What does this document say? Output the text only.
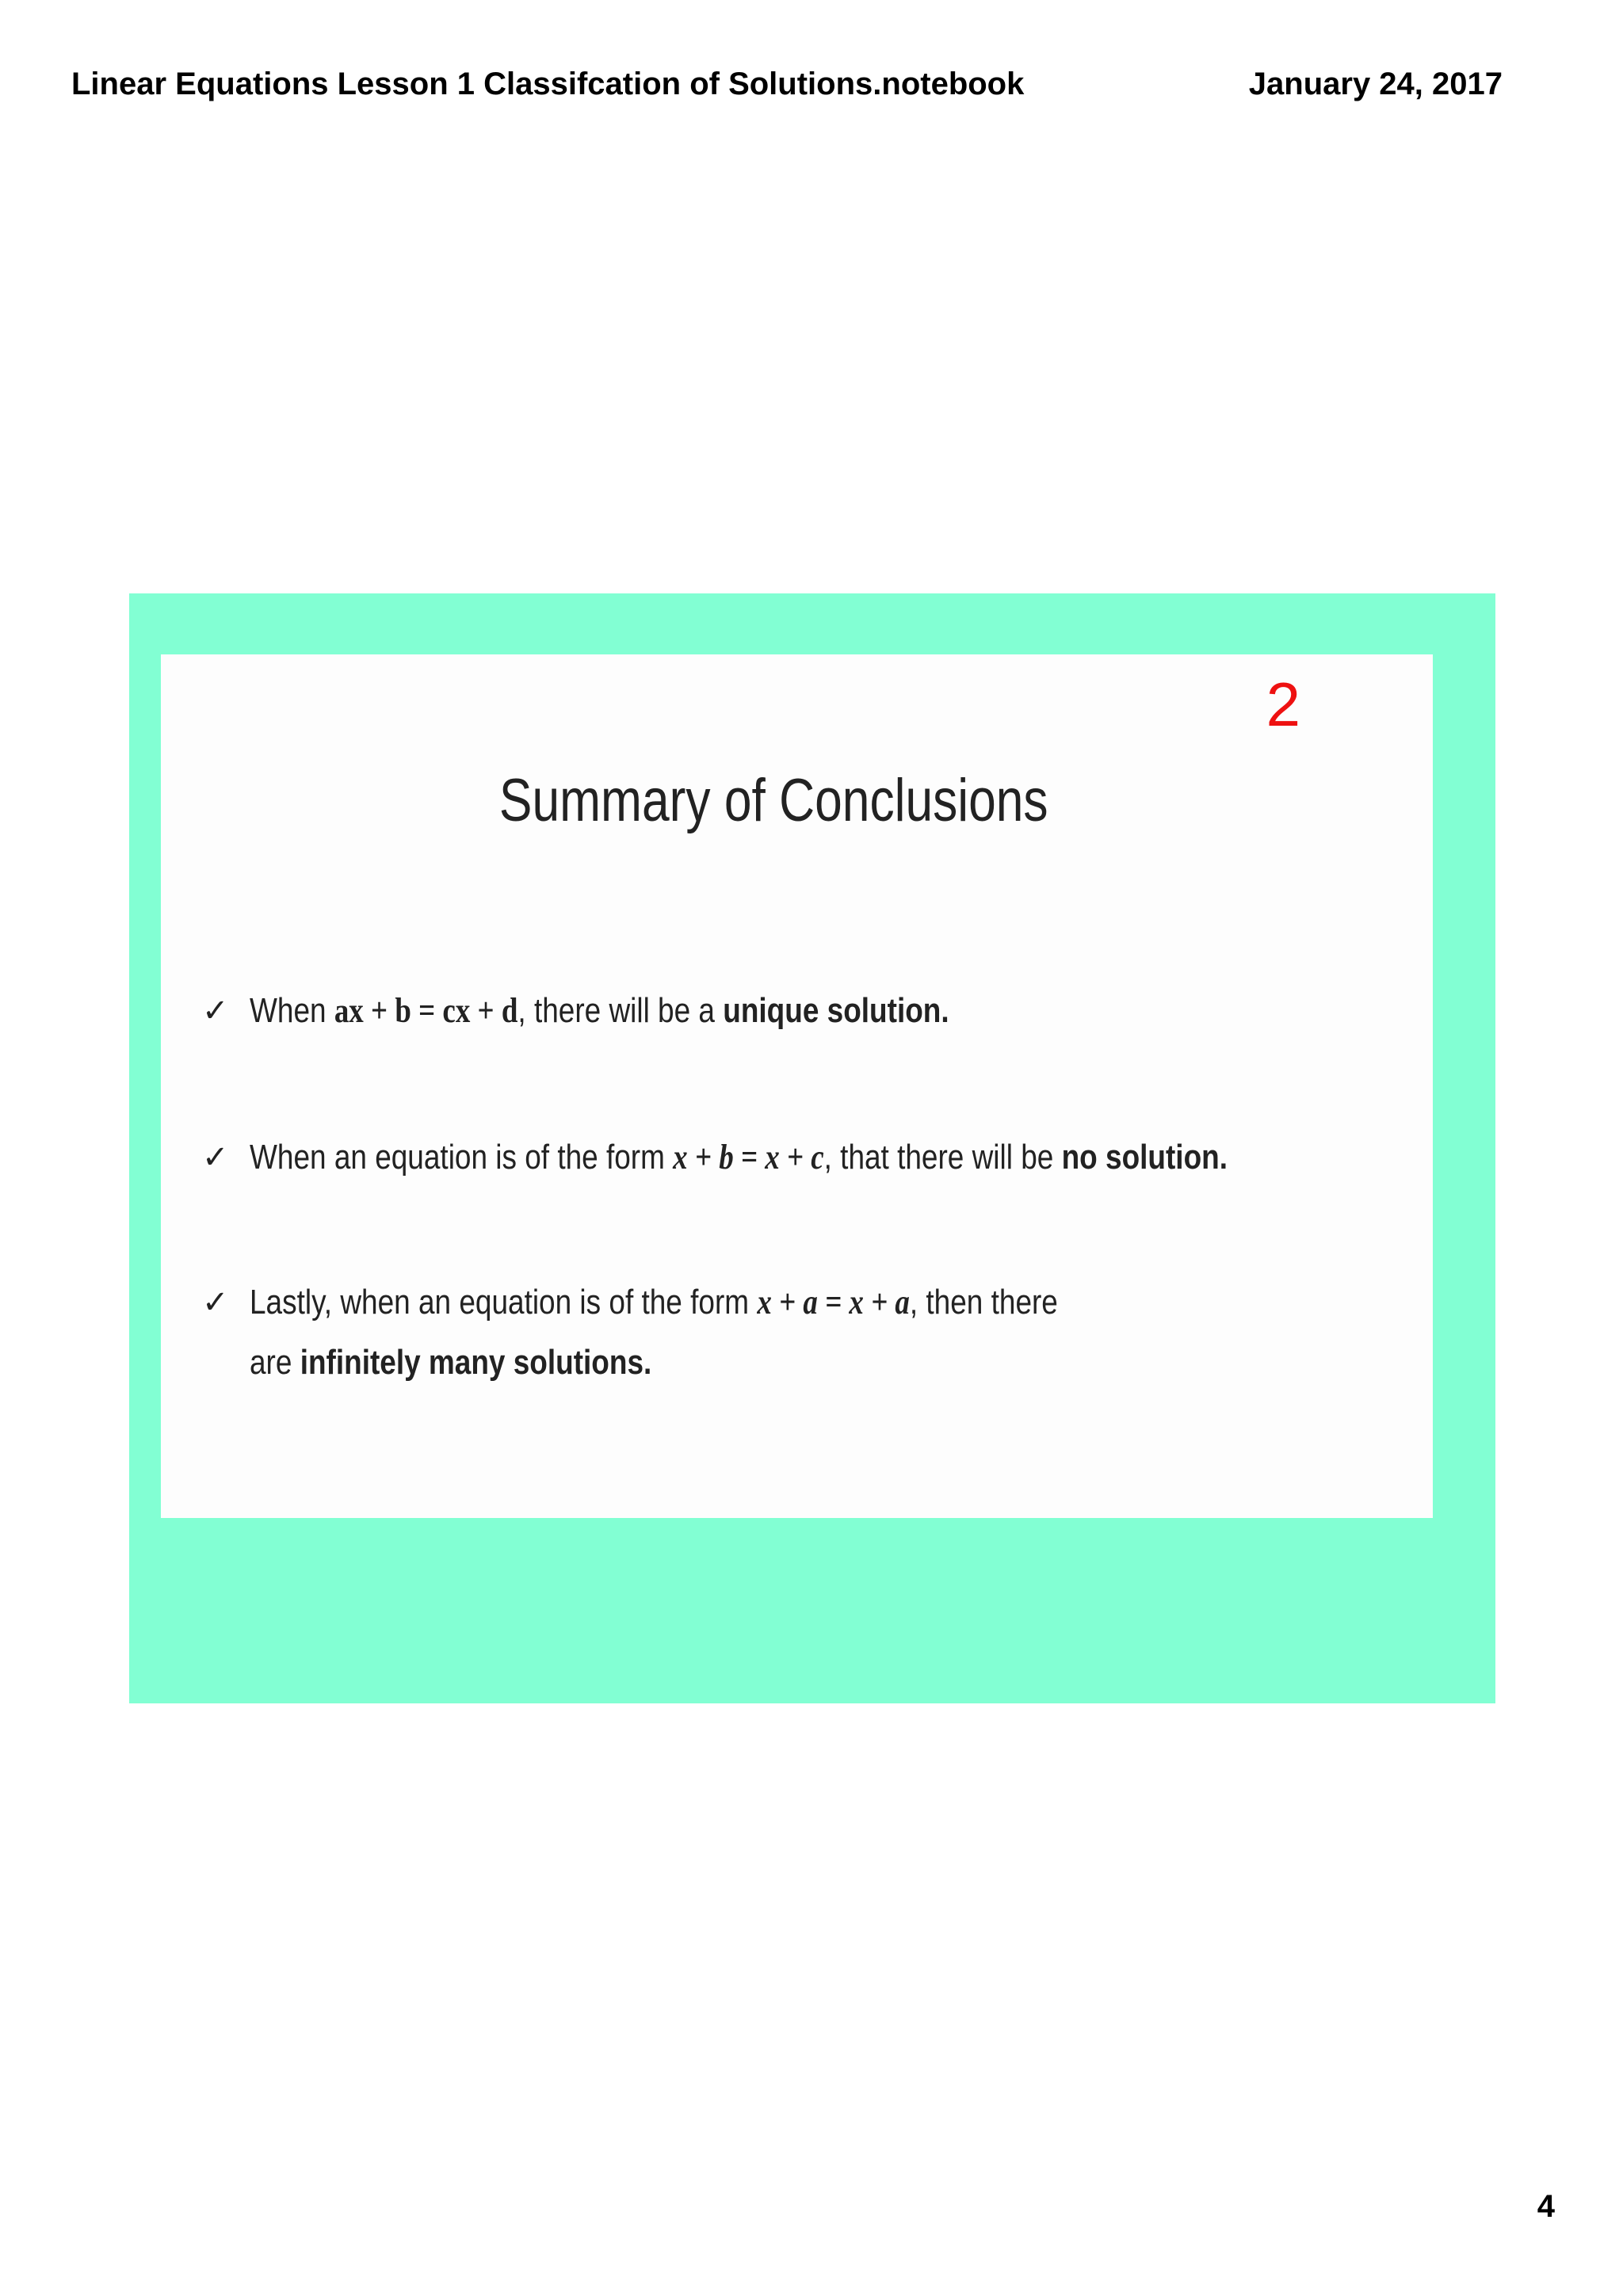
Linear Equations Lesson 1 Classifcation of Solutions.notebook	January 24, 2017
2
Summary of Conclusions
✓ When ax + b = cx + d, there will be a unique solution.
✓ When an equation is of the form x + b = x + c, that there will be no solution.
✓ Lastly, when an equation is of the form x + a = x + a, then there are infinitely many solutions.
4
